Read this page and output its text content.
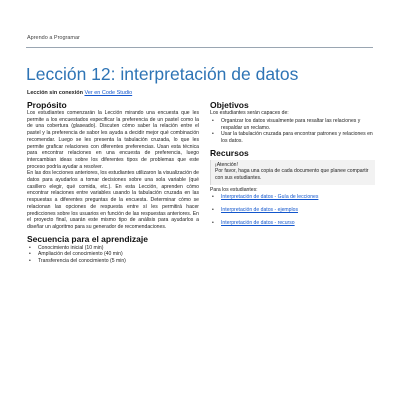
Aprendo a Programar
Lección 12: interpretación de datos
Lección sin conexión Ver en Code Studio
Propósito

Los estudiantes comenzarán la Lección mirando una encuesta que les permite a los encuestados especificar la preferencia de un pastel como la de una cobertura (glaseado). Discuten cómo saber la relación entre el pastel y la preferencia de sabor les ayuda a decidir mejor qué combinación recomendar. Luego se les presenta la tabulación cruzada, lo que les permite graficar relaciones con diferentes preferencias. Usan esta técnica para encontrar relaciones en una encuesta de preferencia, luego intercambian ideas sobre los diferentes tipos de problemas que este proceso podría ayudar a resolver.

En las dos lecciones anteriores, los estudiantes utilizaron la visualización de datos para ayudarlos a tomar decisiones sobre una sola variable (qué casillero elegir, qué comida, etc.). En esta Lección, aprenden cómo encontrar relaciones entre variables usando la tabulación cruzada en las respuestas a diferentes preguntas de la encuesta. Determinar cómo se relacionan las opciones de respuesta entre sí les permitirá hacer predicciones sobre los usuarios en función de las respuestas anteriores. En el proyecto final, usarán este mismo tipo de análisis para ayudarlos a diseñar un algoritmo para su generador de recomendaciones.

Secuencia para el aprendizaje
• Conocimiento inicial (10 min)
• Ampliación del conocimiento (40 min)
• Transferencia del conocimiento (5 min)
Objetivos

Los estudiantes serán capaces de:

• Organizar los datos visualmente para resaltar las relaciones y respaldar un reclamo.
• Usar la tabulación cruzada para encontrar patrones y relaciones en los datos.
Recursos
¡Atención!
Por favor, haga una copia de cada documento que planee compartir con sus estudiantes.

Para los estudiantes:

• Interpretación de datos - Guía de lecciones
• Interpretación de datos - ejemplos
• Interpretación de datos - recurso
